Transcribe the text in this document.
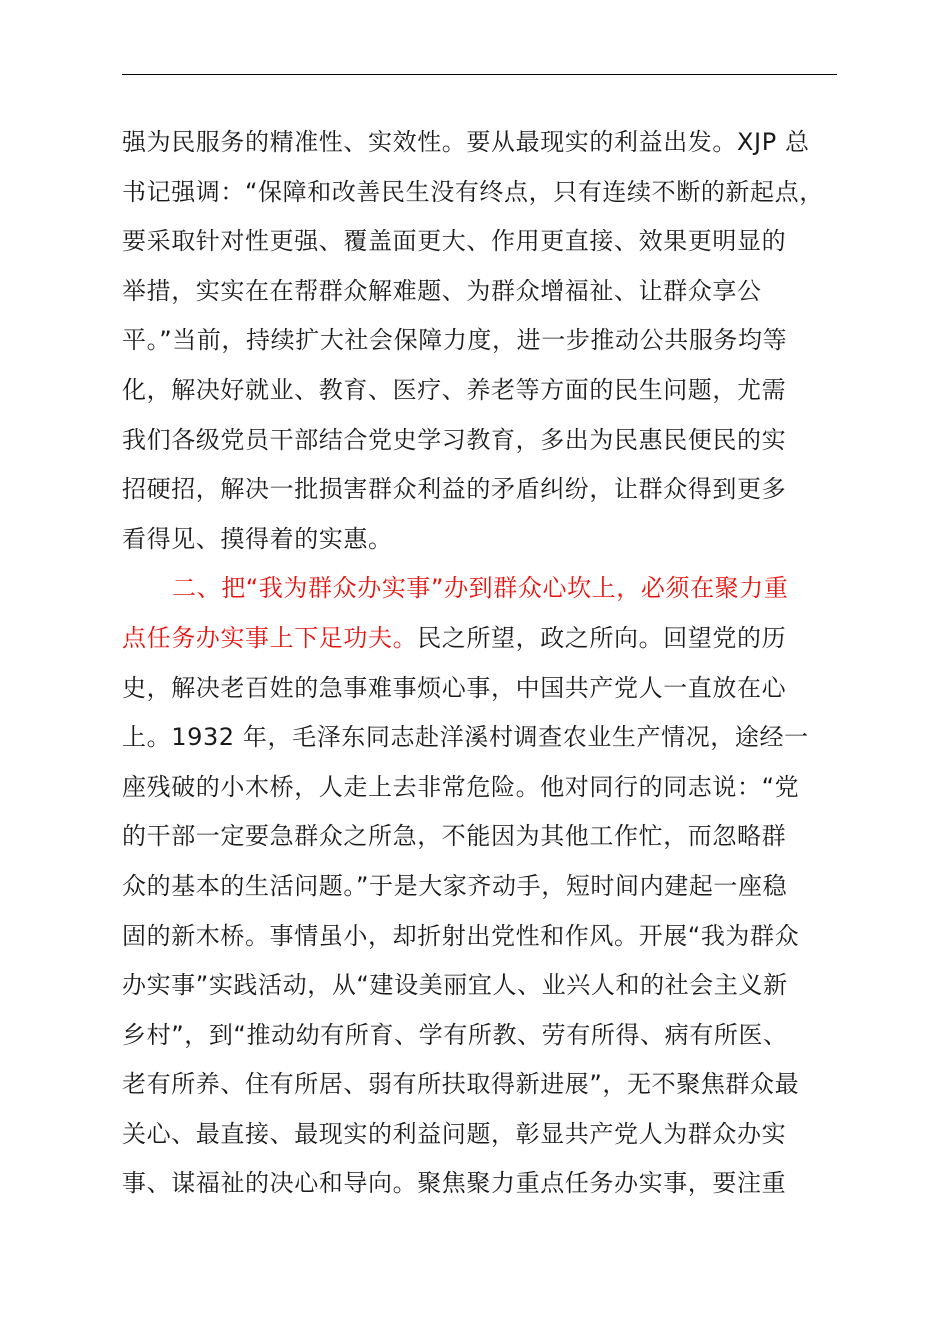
强为民服务的精准性、实效性。要从最现实的利益出发。XJP 总
书记强调：“保障和改善民生没有终点，只有连续不断的新起点，
要采取针对性更强、覆盖面更大、作用更直接、效果更明显的
举措，实实在在帮群众解难题、为群众增福祉、让群众享公
平。”当前，持续扩大社会保障力度，进一步推动公共服务均等
化，解决好就业、教育、医疗、养老等方面的民生问题，尤需
我们各级党员干部结合党史学习教育，多出为民惠民便民的实
招硬招，解决一批损害群众利益的矛盾纠纷，让群众得到更多
看得见、摸得着的实惠。
二、把“我为群众办实事”办到群众心坎上，必须在聚力重
点任务办实事上下足功夫。民之所望，政之所向。回望党的历
史，解决老百姓的急事难事烦心事，中国共产党人一直放在心
上。1932 年，毛泽东同志赴洋溪村调查农业生产情况，途经一
座残破的小木桥，人走上去非常危险。他对同行的同志说：“党
的干部一定要急群众之所急，不能因为其他工作忙，而忽略群
众的基本的生活问题。”于是大家齐动手，短时间内建起一座稳
固的新木桥。事情虽小，却折射出党性和作风。开展“我为群众
办实事”实践活动，从“建设美丽宜人、业兴人和的社会主义新
乡村”，到“推动幼有所育、学有所教、劳有所得、病有所医、
老有所养、住有所居、弱有所扶取得新进展”，无不聚焦群众最
关心、最直接、最现实的利益问题，彰显共产党人为群众办实
事、谋福祉的决心和导向。聚焦聚力重点任务办实事，要注重
